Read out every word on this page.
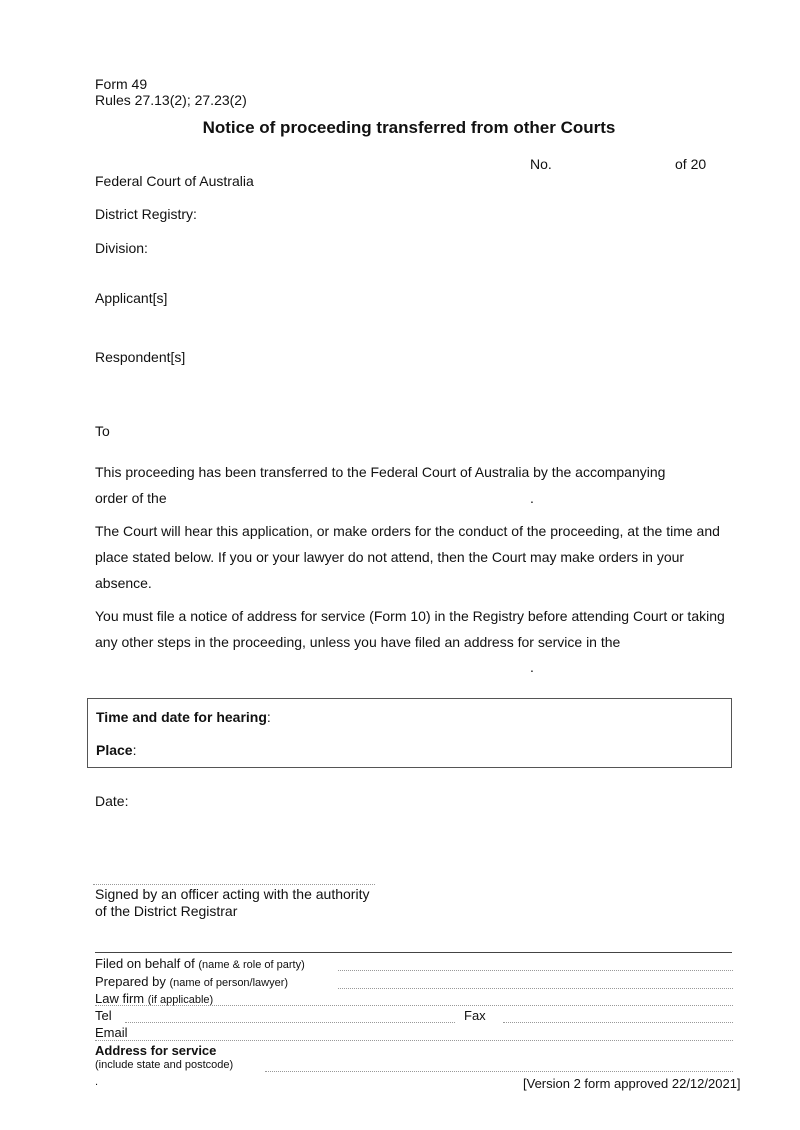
Form 49
Rules 27.13(2); 27.23(2)
Notice of proceeding transferred from other Courts
No.	of 20
Federal Court of Australia
District Registry:
Division:
Applicant[s]
Respondent[s]
To
This proceeding has been transferred to the Federal Court of Australia by the accompanying
order of the	.
The Court will hear this application, or make orders for the conduct of the proceeding, at the time and place stated below. If you or your lawyer do not attend, then the Court may make orders in your absence.
You must file a notice of address for service (Form 10) in the Registry before attending Court or taking any other steps in the proceeding, unless you have filed an address for service in the
.
Time and date for hearing:
Place:
Date:
Signed by an officer acting with the authority
of the District Registrar
Filed on behalf of (name & role of party)
Prepared by (name of person/lawyer)
Law firm (if applicable)
Tel	Fax
Email
Address for service
(include state and postcode)
.	[Version 2 form approved 22/12/2021]
